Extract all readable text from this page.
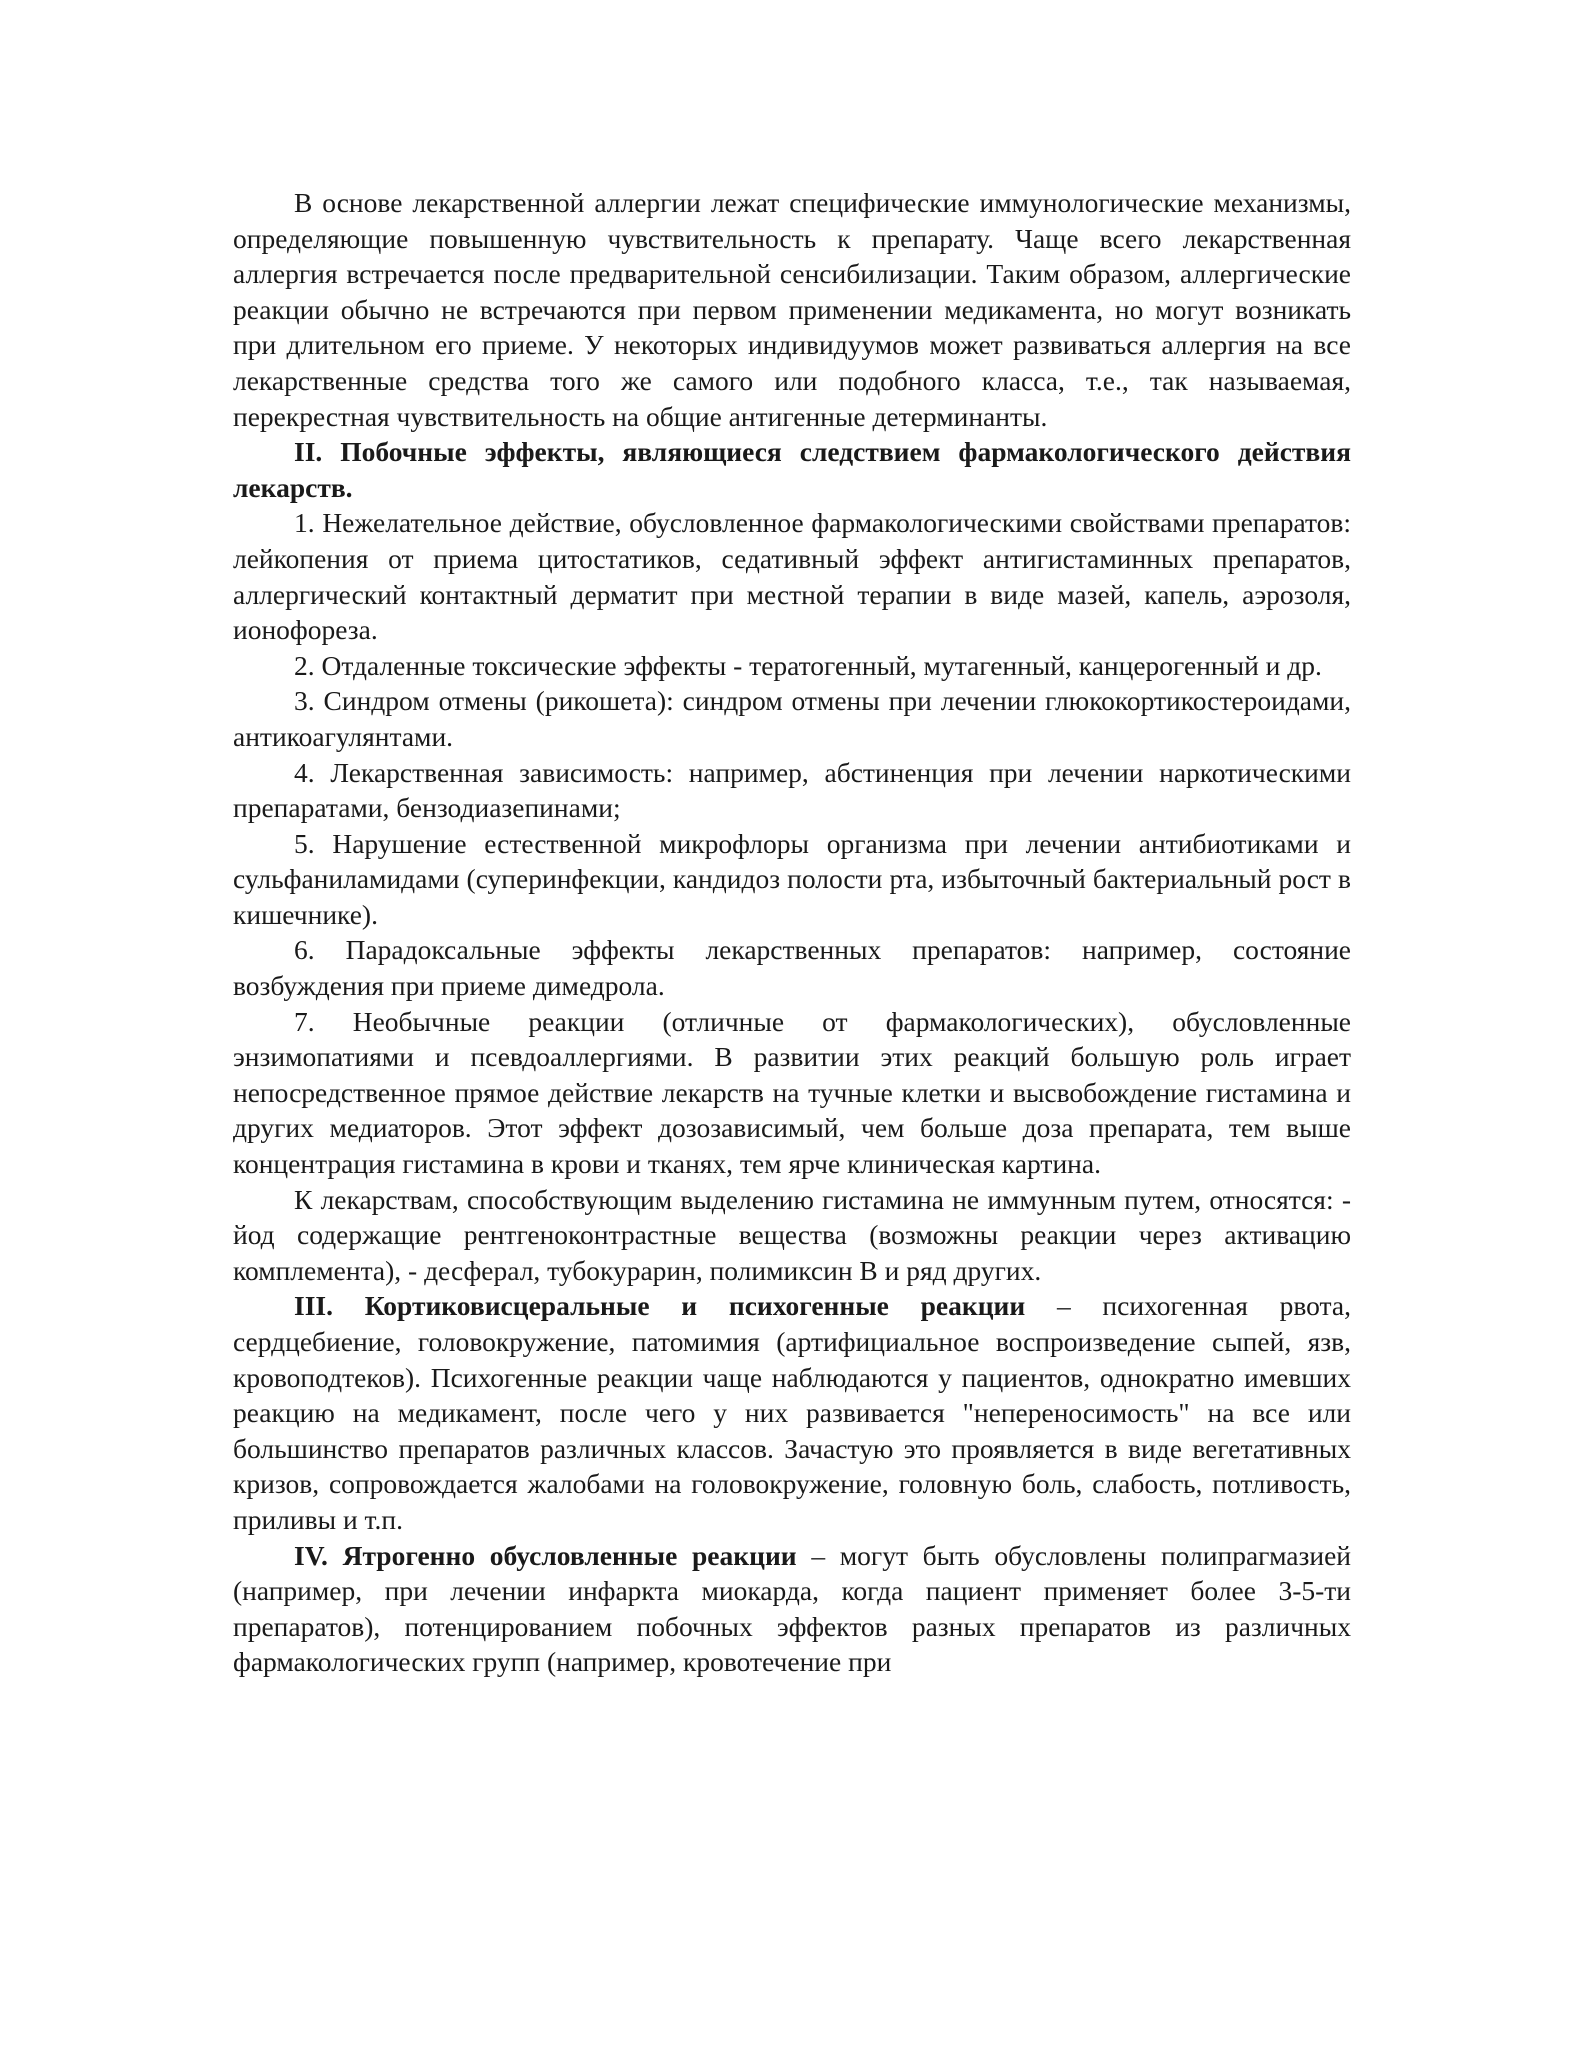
В основе лекарственной аллергии лежат специфические иммунологические механизмы, определяющие повышенную чувствительность к препарату. Чаще всего лекарственная аллергия встречается после предварительной сенсибилизации. Таким образом, аллергические реакции обычно не встречаются при первом применении медикамента, но могут возникать при длительном его приеме. У некоторых индивидуумов может развиваться аллергия на все лекарственные средства того же самого или подобного класса, т.е., так называемая, перекрестная чувствительность на общие антигенные детерминанты.

II. Побочные эффекты, являющиеся следствием фармакологического действия лекарств.

1. Нежелательное действие, обусловленное фармакологическими свойствами препаратов: лейкопения от приема цитостатиков, седативный эффект антигистаминных препаратов, аллергический контактный дерматит при местной терапии в виде мазей, капель, аэрозоля, ионофореза.

2. Отдаленные токсические эффекты - тератогенный, мутагенный, канцерогенный и др.

3. Синдром отмены (рикошета): синдром отмены при лечении глюкокортикостероидами, антикоагулянтами.

4. Лекарственная зависимость: например, абстиненция при лечении наркотическими препаратами, бензодиазепинами;

5. Нарушение естественной микрофлоры организма при лечении антибиотиками и сульфаниламидами (суперинфекции, кандидоз полости рта, избыточный бактериальный рост в кишечнике).

6. Парадоксальные эффекты лекарственных препаратов: например, состояние возбуждения при приеме димедрола.

7. Необычные реакции (отличные от фармакологических), обусловленные энзимопатиями и псевдоаллергиями. В развитии этих реакций большую роль играет непосредственное прямое действие лекарств на тучные клетки и высвобождение гистамина и других медиаторов. Этот эффект дозозависимый, чем больше доза препарата, тем выше концентрация гистамина в крови и тканях, тем ярче клиническая картина.

К лекарствам, способствующим выделению гистамина не иммунным путем, относятся: - йод содержащие рентгеноконтрастные вещества (возможны реакции через активацию комплемента), - десферал, тубокурарин, полимиксин В и ряд других.

III. Кортиковисцеральные и психогенные реакции – психогенная рвота, сердцебиение, головокружение, патомимия (артифициальное воспроизведение сыпей, язв, кровоподтеков). Психогенные реакции чаще наблюдаются у пациентов, однократно имевших реакцию на медикамент, после чего у них развивается "непереносимость" на все или большинство препаратов различных классов. Зачастую это проявляется в виде вегетативных кризов, сопровождается жалобами на головокружение, головную боль, слабость, потливость, приливы и т.п.

IV. Ятрогенно обусловленные реакции – могут быть обусловлены полипрагмазией (например, при лечении инфаркта миокарда, когда пациент применяет более 3-5-ти препаратов), потенцированием побочных эффектов разных препаратов из различных фармакологических групп (например, кровотечение при
